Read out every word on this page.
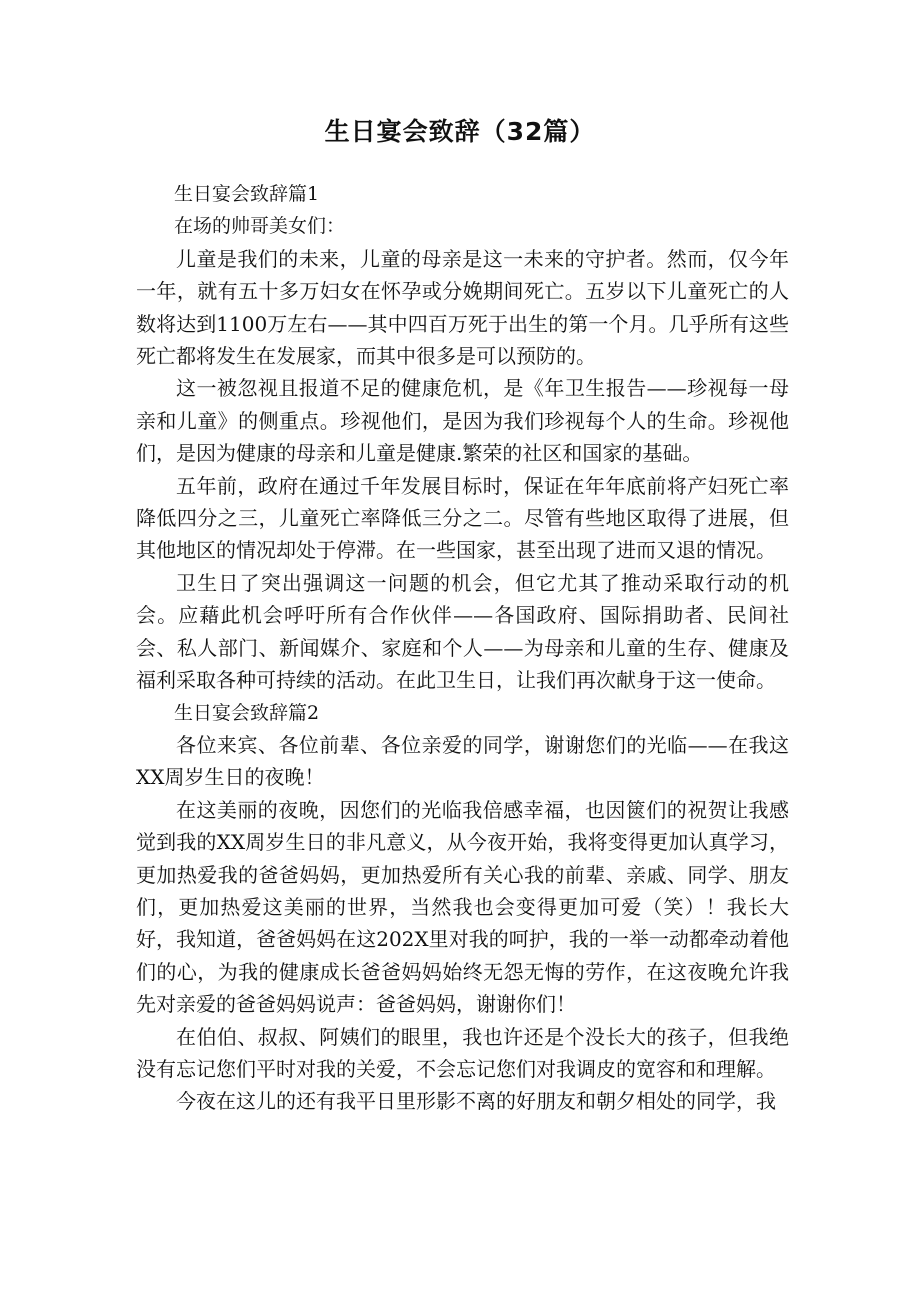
生日宴会致辞（32篇）

生日宴会致辞篇1

在场的帅哥美女们：

儿童是我们的未来，儿童的母亲是这一未来的守护者。然而，仅今年一年，就有五十多万妇女在怀孕或分娩期间死亡。五岁以下儿童死亡的人数将达到1100万左右——其中四百万死于出生的第一个月。几乎所有这些死亡都将发生在发展家，而其中很多是可以预防的。

这一被忽视且报道不足的健康危机，是《年卫生报告——珍视每一母亲和儿童》的侧重点。珍视他们，是因为我们珍视每个人的生命。珍视他们，是因为健康的母亲和儿童是健康.繁荣的社区和国家的基础。

五年前，政府在通过千年发展目标时，保证在年年底前将产妇死亡率降低四分之三，儿童死亡率降低三分之二。尽管有些地区取得了进展，但其他地区的情况却处于停滞。在一些国家，甚至出现了进而又退的情况。

卫生日了突出强调这一问题的机会，但它尤其了推动采取行动的机会。应藉此机会呼吁所有合作伙伴——各国政府、国际捐助者、民间社会、私人部门、新闻媒介、家庭和个人——为母亲和儿童的生存、健康及福利采取各种可持续的活动。在此卫生日，让我们再次献身于这一使命。

生日宴会致辞篇2

各位来宾、各位前辈、各位亲爱的同学，谢谢您们的光临——在我这XX周岁生日的夜晚！

在这美丽的夜晚，因您们的光临我倍感幸福，也因篋们的祝贺让我感觉到我的XX周岁生日的非凡意义，从今夜开始，我将变得更加认真学习，更加热爱我的爸爸妈妈，更加热爱所有关心我的前辈、亲戚、同学、朋友们，更加热爱这美丽的世界，当然我也会变得更加可爱（笑）！我长大好，我知道，爸爸妈妈在这202X里对我的呵护，我的一举一动都牵动着他们的心，为我的健康成长爸爸妈妈始终无怨无悔的劳作，在这夜晚允许我先对亲爱的爸爸妈妈说声：爸爸妈妈，谢谢你们！

在伯伯、叔叔、阿姨们的眼里，我也许还是个没长大的孩子，但我绝没有忘记您们平时对我的关爱，不会忘记您们对我调皮的宽容和和理解。

今夜在这儿的还有我平日里形影不离的好朋友和朝夕相处的同学，我
